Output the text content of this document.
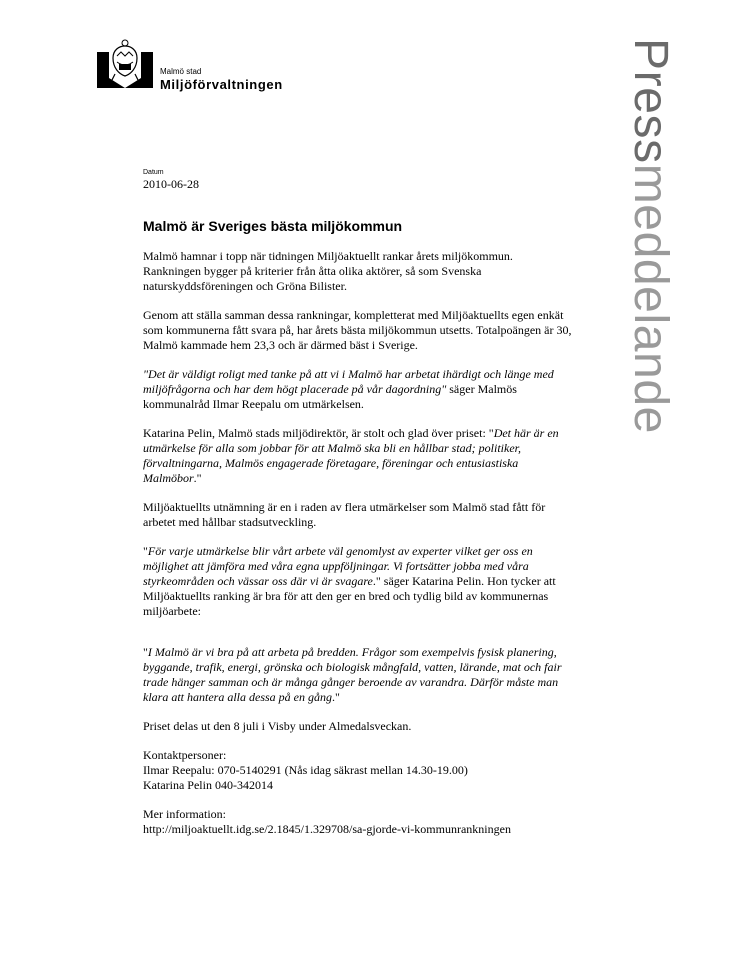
Malmö stad
Miljöförvaltningen	Pressmeddelande
Datum
2010-06-28
Malmö är Sveriges bästa miljökommun

Malmö hamnar i topp när tidningen Miljöaktuellt rankar årets miljökommun. Rankningen bygger på kriterier från åtta olika aktörer, så som Svenska naturskyddsföreningen och Gröna Bilister.

Genom att ställa samman dessa rankningar, kompletterat med Miljöaktuellts egen enkät som kommunerna fått svara på, har årets bästa miljökommun utsetts. Totalpoängen är 30, Malmö kammade hem 23,3 och är därmed bäst i Sverige.

"Det är väldigt roligt med tanke på att vi i Malmö har arbetat ihärdigt och länge med miljöfrågorna och har dem högt placerade på vår dagordning" säger Malmös kommunalråd Ilmar Reepalu om utmärkelsen.

Katarina Pelin, Malmö stads miljödirektör, är stolt och glad över priset: "Det här är en utmärkelse för alla som jobbar för att Malmö ska bli en hållbar stad; politiker, förvaltningarna, Malmös engagerade företagare, föreningar och entusiastiska Malmöbor."

Miljöaktuellts utnämning är en i raden av flera utmärkelser som Malmö stad fått för arbetet med hållbar stadsutveckling.

"För varje utmärkelse blir vårt arbete väl genomlyst av experter vilket ger oss en möjlighet att jämföra med våra egna uppföljningar. Vi fortsätter jobba med våra styrkeområden och vässar oss där vi är svagare." säger Katarina Pelin. Hon tycker att Miljöaktuellts ranking är bra för att den ger en bred och tydlig bild av kommunernas miljöarbete:

"I Malmö är vi bra på att arbeta på bredden. Frågor som exempelvis fysisk planering, byggande, trafik, energi, grönska och biologisk mångfald, vatten, lärande, mat och fair trade hänger samman och är många gånger beroende av varandra. Därför måste man klara att hantera alla dessa på en gång."

Priset delas ut den 8 juli i Visby under Almedalsveckan.

Kontaktpersoner:
Ilmar Reepalu: 070-5140291 (Nås idag säkrast mellan 14.30-19.00)
Katarina Pelin 040-342014

Mer information:
http://miljoaktuellt.idg.se/2.1845/1.329708/sa-gjorde-vi-kommunrankningen
